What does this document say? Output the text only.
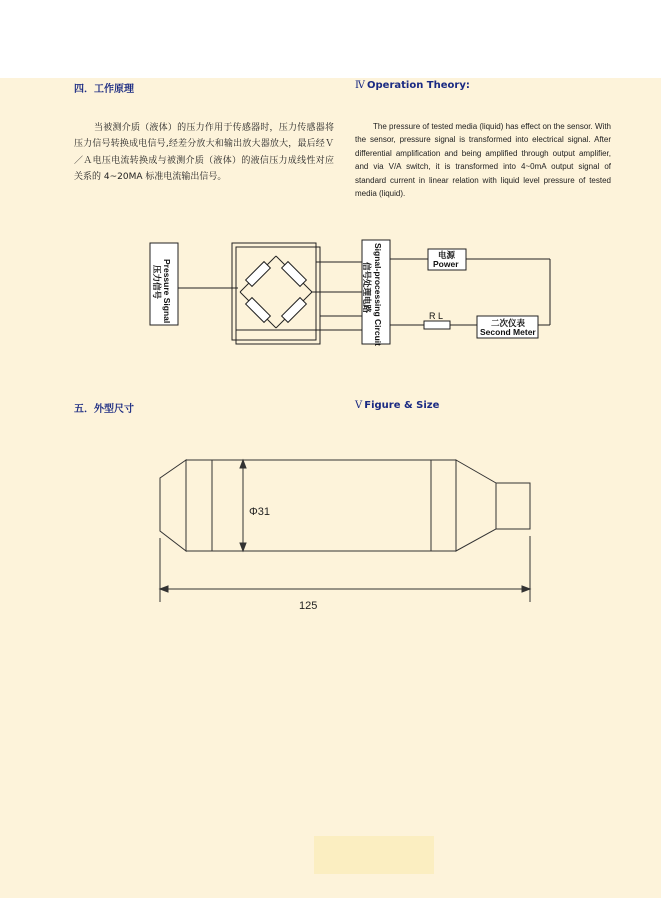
四．工作原理	Ⅳ Operation Theory:
当被测介质（液体）的压力作用于传感器时，压力传感器将压力信号转换成电信号,经差分放大和输出放大器放大，最后经Ｖ／Ａ电压电流转换成与被测介质（液体）的液信压力成线性对应关系的 4~20MA 标准电流输出信号。
The pressure of tested media (liquid) has effect on the sensor. With the sensor, pressure signal is transformed into electrical signal. After differential amplification and being amplified through output amplifier, and via V/A switch, it is transformed into 4~0mA output signal of standard current in linear relation with liquid level pressure of tested media (liquid).
Pressure Signal
压力信号	Signal-processing Circuit
信号处理电路
电源
Power
R L
二次仪表
Second Meter
五．外型尺寸	Ⅴ Figure & Size
Φ31
125
